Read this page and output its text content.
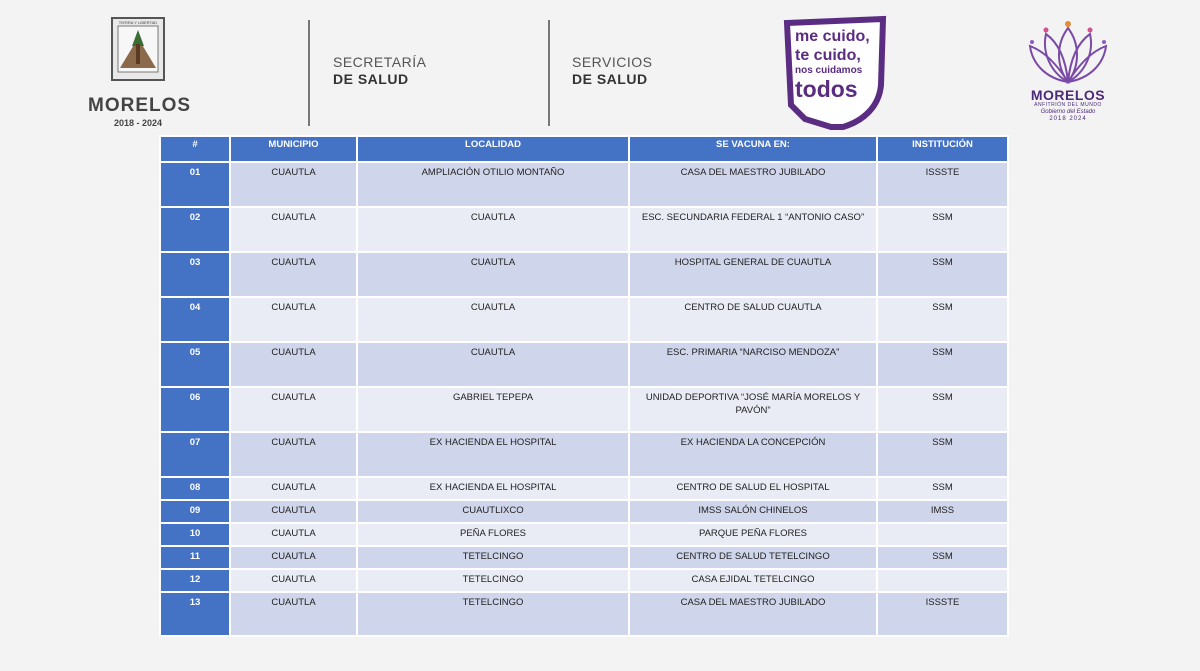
TIERRA Y LIBERTAD
MORELOS
2018 - 2024
SECRETARÍA
DE SALUD
SERVICIOS
DE SALUD
me cuido,
te cuido,
nos cuidamos
todos	MORELOS
ANFITRIÓN DEL MUNDO
Gobierno del Estado
2018 2024
#	MUNICIPIO	LOCALIDAD	SE VACUNA EN:	INSTITUCIÓN
01	CUAUTLA	AMPLIACIÓN OTILIO MONTAÑO	CASA DEL MAESTRO JUBILADO	ISSSTE
02	CUAUTLA	CUAUTLA	ESC. SECUNDARIA FEDERAL 1 “ANTONIO CASO”	SSM
03	CUAUTLA	CUAUTLA	HOSPITAL GENERAL DE CUAUTLA	SSM
04	CUAUTLA	CUAUTLA	CENTRO DE SALUD CUAUTLA	SSM
05	CUAUTLA	CUAUTLA	ESC. PRIMARIA “NARCISO MENDOZA”	SSM
06	CUAUTLA	GABRIEL TEPEPA	UNIDAD DEPORTIVA “JOSÉ MARÍA MORELOS Y PAVÓN”	SSM
07	CUAUTLA	EX HACIENDA EL HOSPITAL	EX HACIENDA LA CONCEPCIÓN	SSM
08	CUAUTLA	EX HACIENDA EL HOSPITAL	CENTRO DE SALUD EL HOSPITAL	SSM
09	CUAUTLA	CUAUTLIXCO	IMSS SALÓN CHINELOS	IMSS
10	CUAUTLA	PEÑA FLORES	PARQUE PEÑA FLORES	
11	CUAUTLA	TETELCINGO	CENTRO DE SALUD TETELCINGO	SSM
12	CUAUTLA	TETELCINGO	CASA EJIDAL TETELCINGO	
13	CUAUTLA	TETELCINGO	CASA DEL MAESTRO JUBILADO	ISSSTE
